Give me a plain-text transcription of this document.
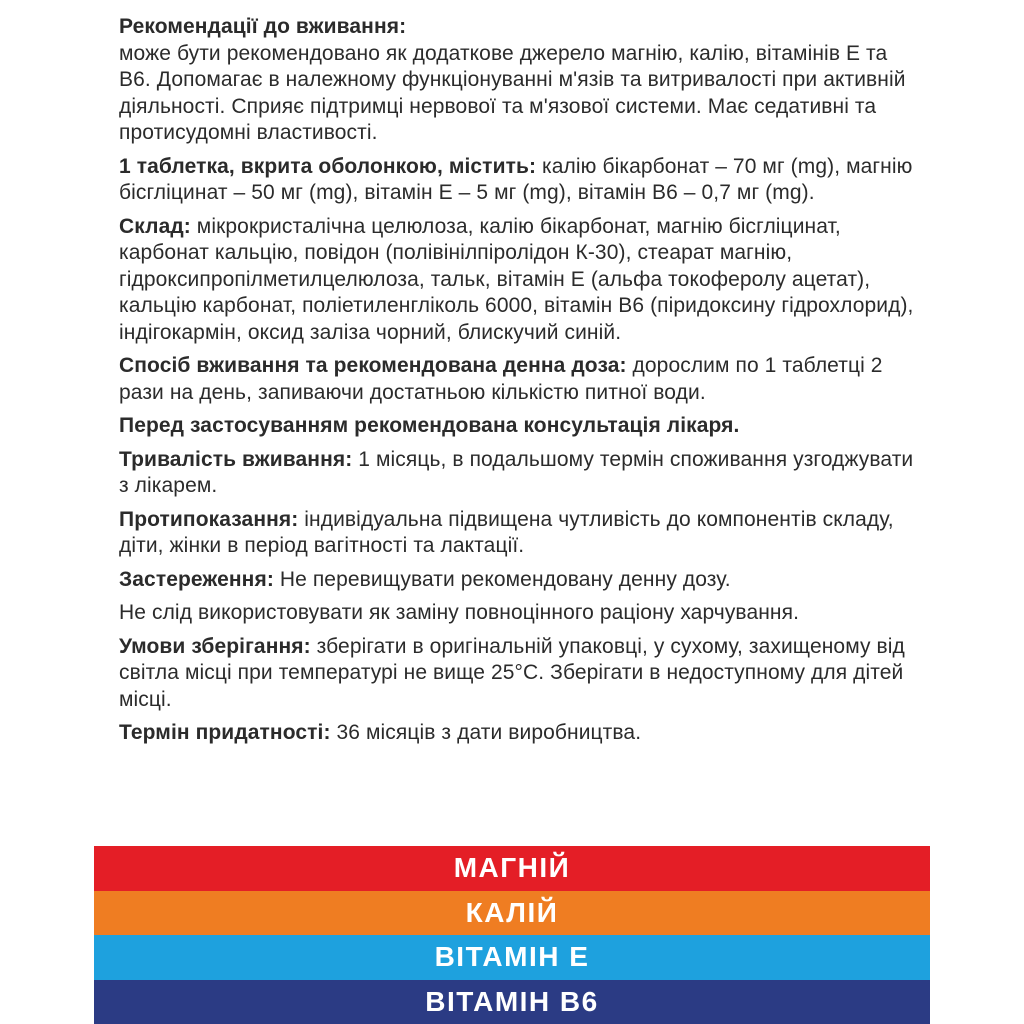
Рекомендації до вживання:
може бути рекомендовано як додаткове джерело магнію, калію, вітамінів Е та В6. Допомагає в належному функціонуванні м'язів та витривалості при активній діяльності. Сприяє підтримці нервової та м'язової системи. Має седативні та протисудомні властивості.

1 таблетка, вкрита оболонкою, містить: калію бікарбонат – 70 мг (mg), магнію бісгліцинат – 50 мг (mg), вітамін Е – 5 мг (mg), вітамін В6 – 0,7 мг (mg).

Склад: мікрокристалічна целюлоза, калію бікарбонат, магнію бісгліцинат, карбонат кальцію, повідон (полівінілпіролідон К-30), стеарат магнію, гідроксипропілметилцелюлоза, тальк, вітамін Е (альфа токоферолу ацетат), кальцію карбонат, поліетиленгліколь 6000, вітамін В6 (піридоксину гідрохлорид), індігокармін, оксид заліза чорний, блискучий синій.

Спосіб вживання та рекомендована денна доза: дорослим по 1 таблетці 2 рази на день, запиваючи достатньою кількістю питної води.

Перед застосуванням рекомендована консультація лікаря.

Тривалість вживання: 1 місяць, в подальшому термін споживання узгоджувати з лікарем.

Протипоказання: індивідуальна підвищена чутливість до компонентів складу, діти, жінки в період вагітності та лактації.

Застереження: Не перевищувати рекомендовану денну дозу.

Не слід використовувати як заміну повноцінного раціону харчування.

Умови зберігання: зберігати в оригінальній упаковці, у сухому, захищеному від світла місці при температурі не вище 25°С. Зберігати в недоступному для дітей місці.

Термін придатності: 36 місяців з дати виробництва.

МАГНІЙ
КАЛІЙ
ВІТАМІН Е
ВІТАМІН В6
